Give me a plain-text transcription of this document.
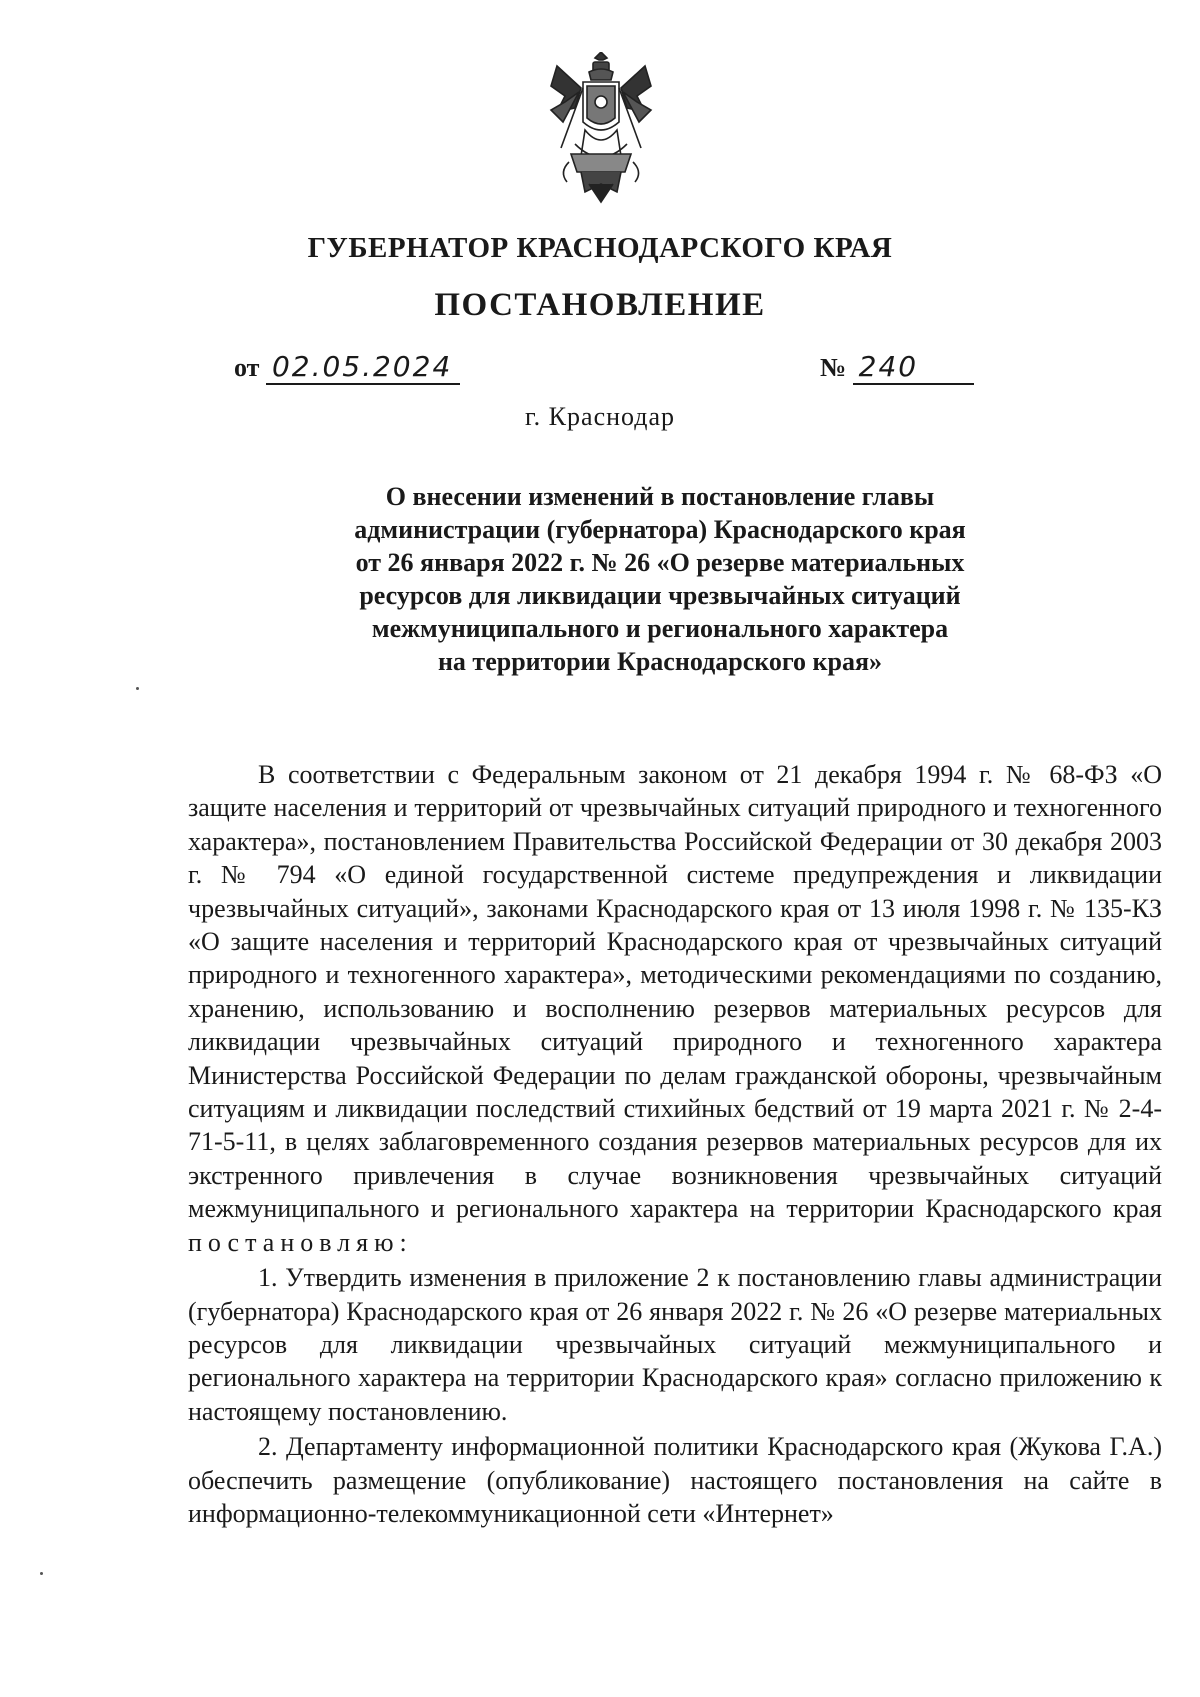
ГУБЕРНАТОР КРАСНОДАРСКОГО КРАЯ
ПОСТАНОВЛЕНИЕ
от 02.05.2024	№ 240
г. Краснодар
О внесении изменений в постановление главы
администрации (губернатора) Краснодарского края
от 26 января 2022 г. № 26 «О резерве материальных
ресурсов для ликвидации чрезвычайных ситуаций
межмуниципального и регионального характера
на территории Краснодарского края»

В соответствии с Федеральным законом от 21 декабря 1994 г. № 68-ФЗ «О защите населения и территорий от чрезвычайных ситуаций природного и техногенного характера», постановлением Правительства Российской Федерации от 30 декабря 2003 г. № 794 «О единой государственной системе предупреждения и ликвидации чрезвычайных ситуаций», законами Краснодарского края от 13 июля 1998 г. № 135-КЗ «О защите населения и территорий Краснодарского края от чрезвычайных ситуаций природного и техногенного характера», методическими рекомендациями по созданию, хранению, использованию и восполнению резервов материальных ресурсов для ликвидации чрезвычайных ситуаций природного и техногенного характера Министерства Российской Федерации по делам гражданской обороны, чрезвычайным ситуациям и ликвидации последствий стихийных бедствий от 19 марта 2021 г. № 2-4-71-5-11, в целях заблаговременного создания резервов материальных ресурсов для их экстренного привлечения в случае возникновения чрезвычайных ситуаций межмуниципального и регионального характера на территории Краснодарского края постановляю:

1. Утвердить изменения в приложение 2 к постановлению главы администрации (губернатора) Краснодарского края от 26 января 2022 г. № 26 «О резерве материальных ресурсов для ликвидации чрезвычайных ситуаций межмуниципального и регионального характера на территории Краснодарского края» согласно приложению к настоящему постановлению.

2. Департаменту информационной политики Краснодарского края (Жукова Г.А.) обеспечить размещение (опубликование) настоящего постановления на сайте в информационно-телекоммуникационной сети «Интернет»
